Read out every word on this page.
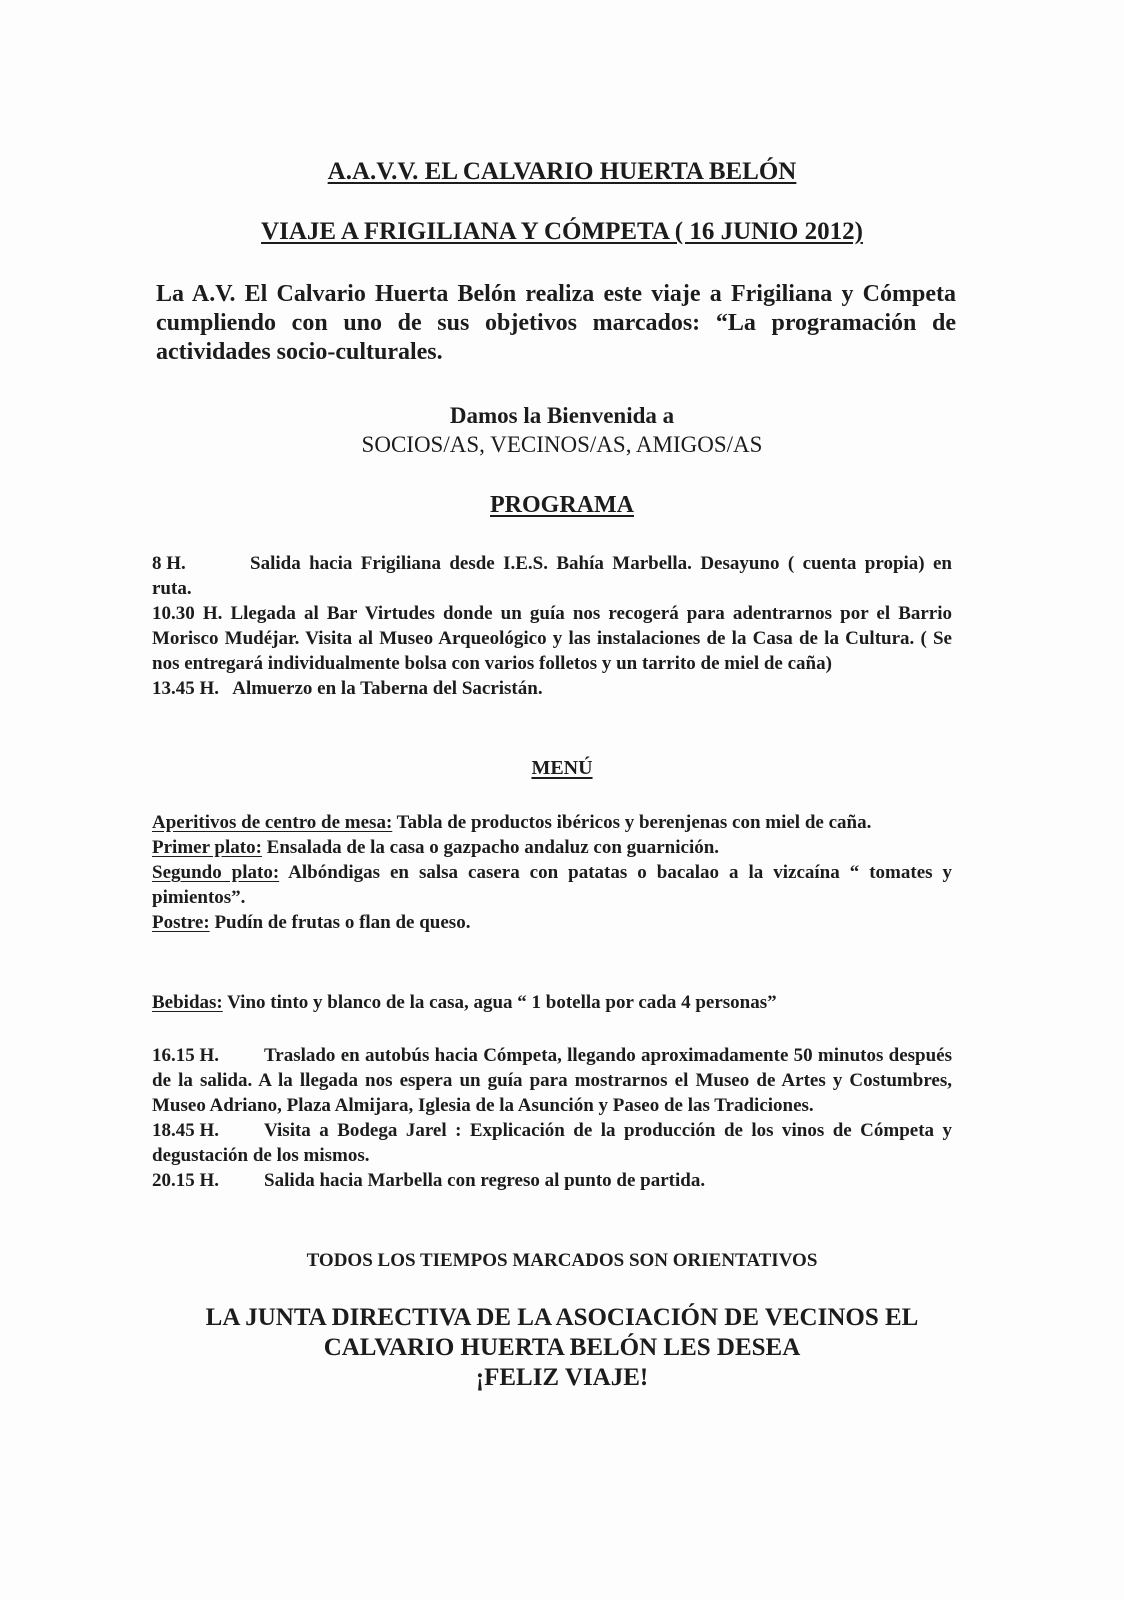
A.A.V.V. EL CALVARIO HUERTA BELÓN

VIAJE A FRIGILIANA Y CÓMPETA ( 16 JUNIO 2012)

La A.V. El Calvario Huerta Belón realiza este viaje a Frigiliana y Cómpeta cumpliendo con uno de sus objetivos marcados: “La programación de actividades socio-culturales.

Damos la Bienvenida a

SOCIOS/AS, VECINOS/AS, AMIGOS/AS

PROGRAMA

8 H.	Salida hacia Frigiliana desde I.E.S. Bahía Marbella. Desayuno ( cuenta propia) en ruta.

10.30 H. Llegada al Bar Virtudes donde un guía nos recogerá para adentrarnos por el Barrio Morisco Mudéjar. Visita al Museo Arqueológico y las instalaciones de la Casa de la Cultura. ( Se nos entregará individualmente bolsa con varios folletos y un tarrito de miel de caña)

13.45 H. Almuerzo en la Taberna del Sacristán.

MENÚ

Aperitivos de centro de mesa: Tabla de productos ibéricos y berenjenas con miel de caña.

Primer plato: Ensalada de la casa o gazpacho andaluz con guarnición.

Segundo plato: Albóndigas en salsa casera con patatas o bacalao a la vizcaína “ tomates y pimientos”.

Postre: Pudín de frutas o flan de queso.

Bebidas: Vino tinto y blanco de la casa, agua “ 1 botella por cada 4 personas”

16.15 H. Traslado en autobús hacia Cómpeta, llegando aproximadamente 50 minutos después de la salida. A la llegada nos espera un guía para mostrarnos el Museo de Artes y Costumbres, Museo Adriano, Plaza Almijara, Iglesia de la Asunción y Paseo de las Tradiciones.

18.45 H. Visita a Bodega Jarel : Explicación de la producción de los vinos de Cómpeta y degustación de los mismos.

20.15 H. Salida hacia Marbella con regreso al punto de partida.

TODOS LOS TIEMPOS MARCADOS SON ORIENTATIVOS

LA JUNTA DIRECTIVA DE LA ASOCIACIÓN DE VECINOS EL

CALVARIO HUERTA BELÓN LES DESEA

¡FELIZ VIAJE!
